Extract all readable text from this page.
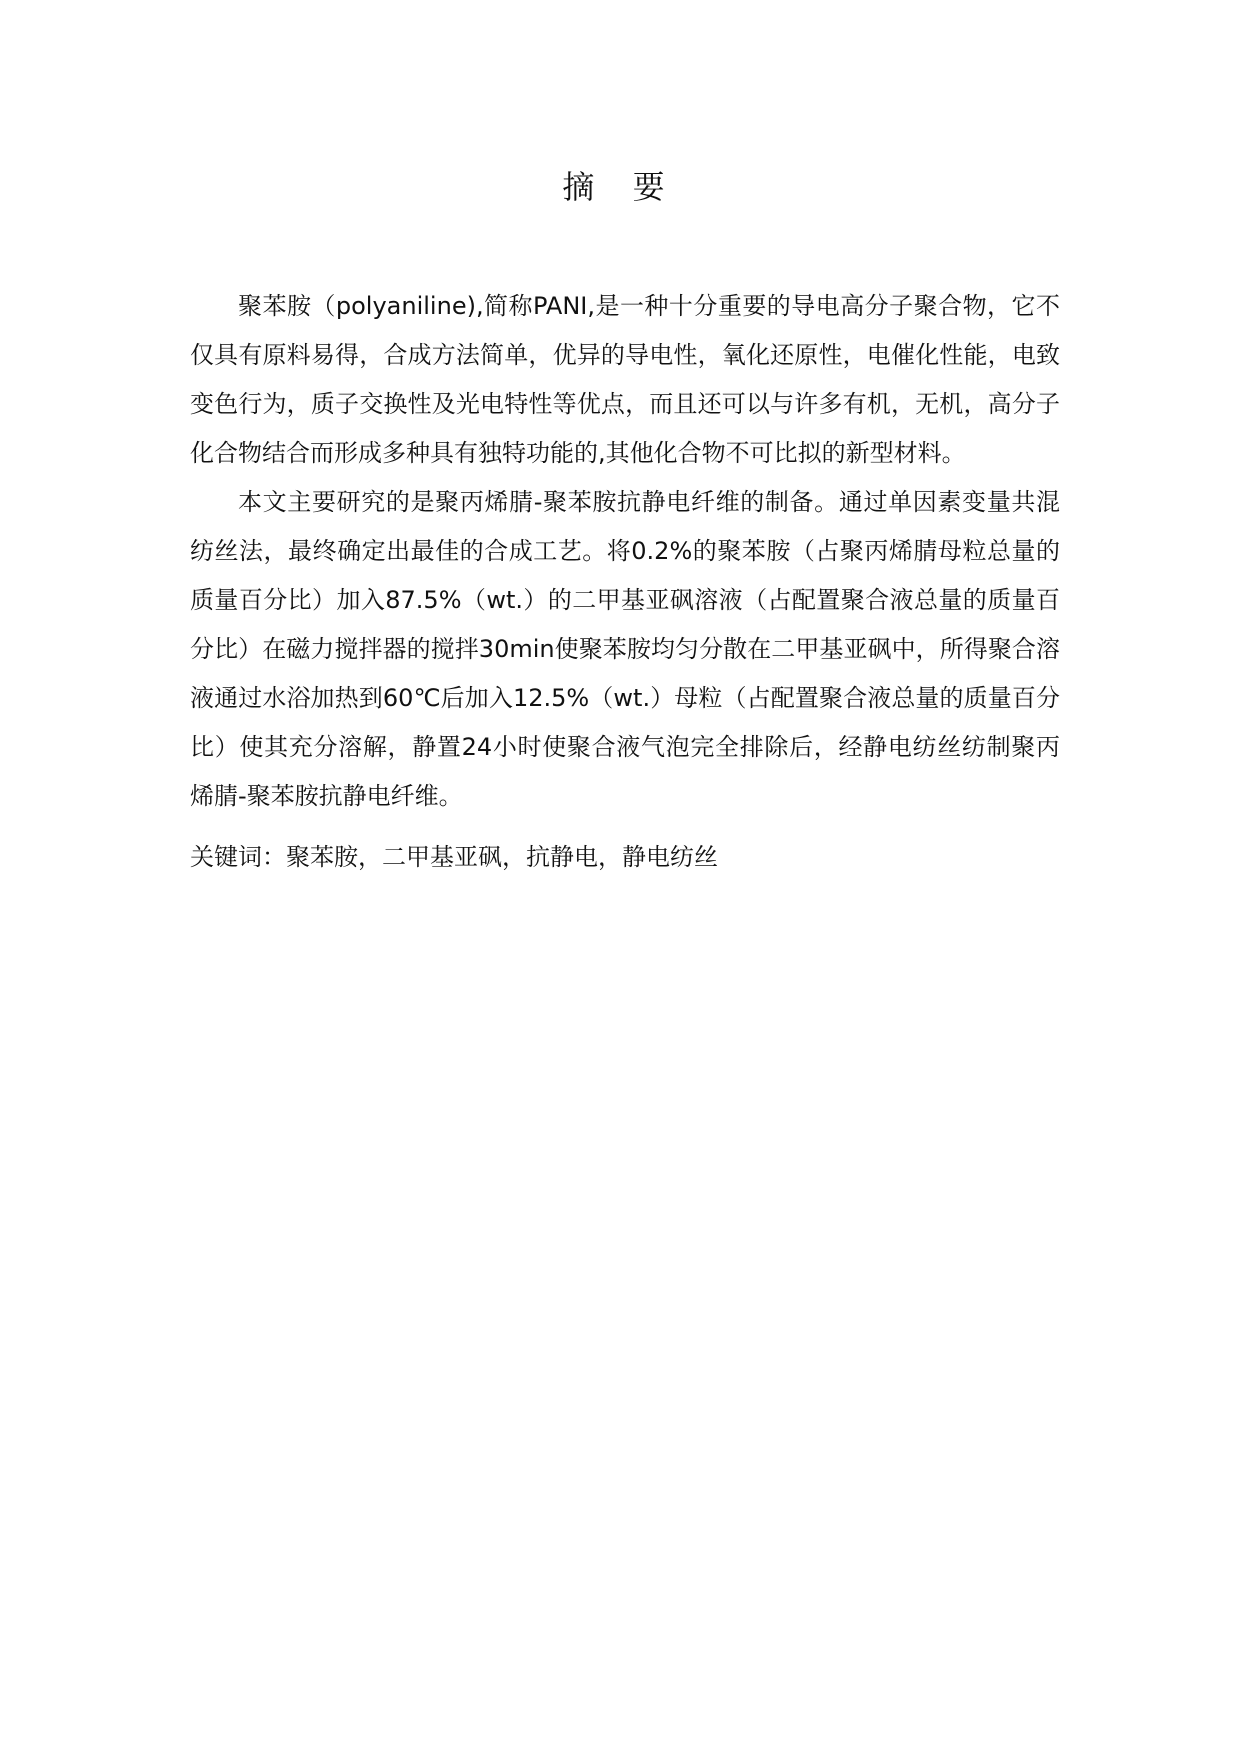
摘 要

聚苯胺（polyaniline),简称PANI,是一种十分重要的导电高分子聚合物，它不仅具有原料易得，合成方法简单，优异的导电性，氧化还原性，电催化性能，电致变色行为，质子交换性及光电特性等优点，而且还可以与许多有机，无机，高分子化合物结合而形成多种具有独特功能的,其他化合物不可比拟的新型材料。

本文主要研究的是聚丙烯腈-聚苯胺抗静电纤维的制备。通过单因素变量共混纺丝法，最终确定出最佳的合成工艺。将0.2%的聚苯胺（占聚丙烯腈母粒总量的质量百分比）加入87.5%（wt.）的二甲基亚砜溶液（占配置聚合液总量的质量百分比）在磁力搅拌器的搅拌30min使聚苯胺均匀分散在二甲基亚砜中，所得聚合溶液通过水浴加热到60℃后加入12.5%（wt.）母粒（占配置聚合液总量的质量百分比）使其充分溶解，静置24小时使聚合液气泡完全排除后，经静电纺丝纺制聚丙烯腈-聚苯胺抗静电纤维。

关键词：聚苯胺，二甲基亚砜，抗静电，静电纺丝
